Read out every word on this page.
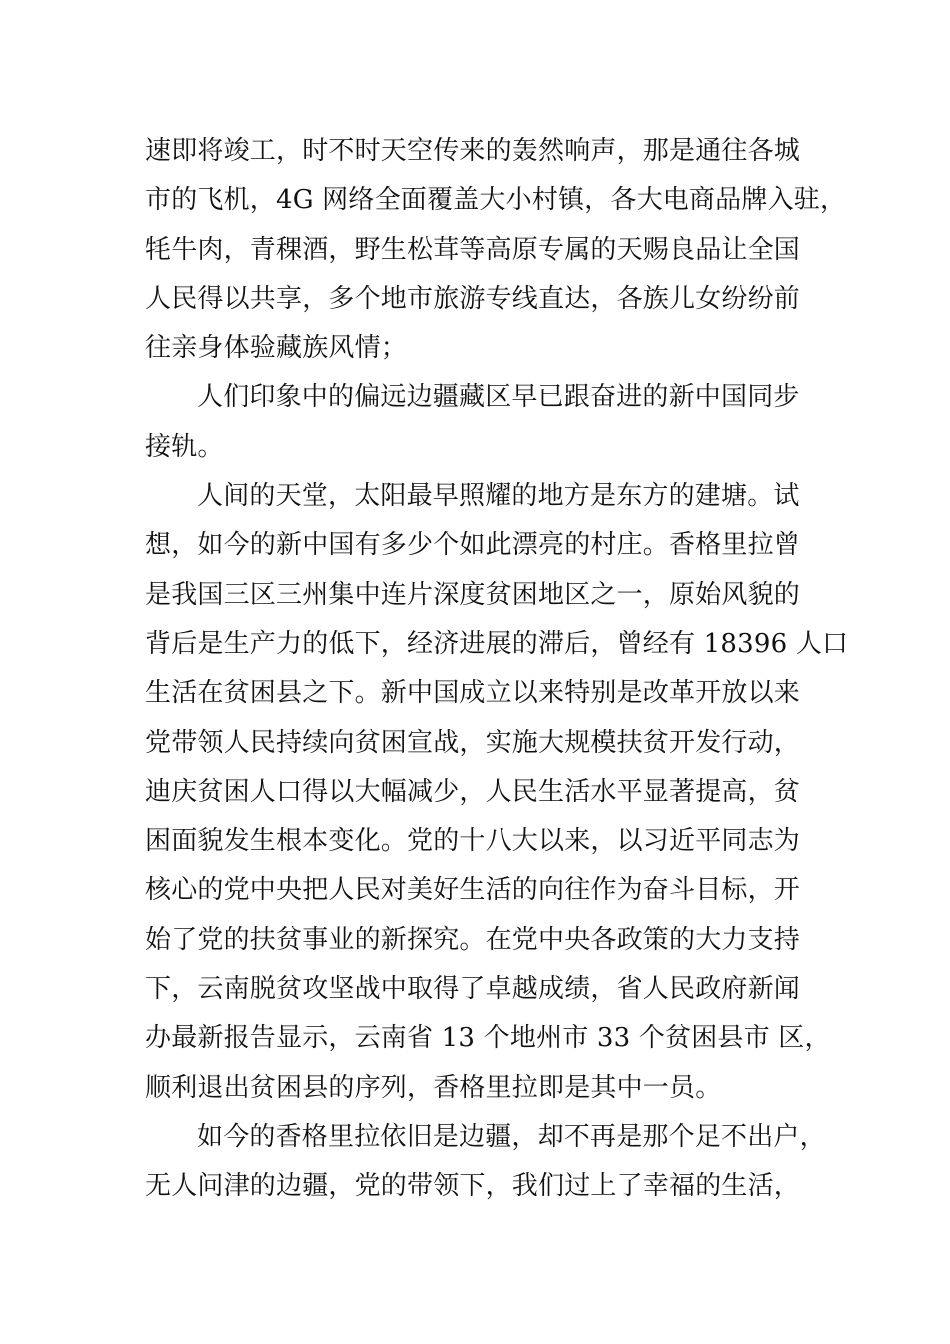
速即将竣工，时不时天空传来的轰然响声，那是通往各城
市的飞机，4G 网络全面覆盖大小村镇，各大电商品牌入驻，
牦牛肉，青稞酒，野生松茸等高原专属的天赐良品让全国
人民得以共享，多个地市旅游专线直达，各族儿女纷纷前
往亲身体验藏族风情；
人们印象中的偏远边疆藏区早已跟奋进的新中国同步
接轨。
人间的天堂，太阳最早照耀的地方是东方的建塘。试
想，如今的新中国有多少个如此漂亮的村庄。香格里拉曾
是我国三区三州集中连片深度贫困地区之一，原始风貌的
背后是生产力的低下，经济进展的滞后，曾经有 18396 人口
生活在贫困县之下。新中国成立以来特别是改革开放以来
党带领人民持续向贫困宣战，实施大规模扶贫开发行动，
迪庆贫困人口得以大幅减少，人民生活水平显著提高，贫
困面貌发生根本变化。党的十八大以来，以习近平同志为
核心的党中央把人民对美好生活的向往作为奋斗目标，开
始了党的扶贫事业的新探究。在党中央各政策的大力支持
下，云南脱贫攻坚战中取得了卓越成绩，省人民政府新闻
办最新报告显示，云南省 13 个地州市 33 个贫困县市 区，
顺利退出贫困县的序列，香格里拉即是其中一员。
如今的香格里拉依旧是边疆，却不再是那个足不出户，
无人问津的边疆，党的带领下，我们过上了幸福的生活，
